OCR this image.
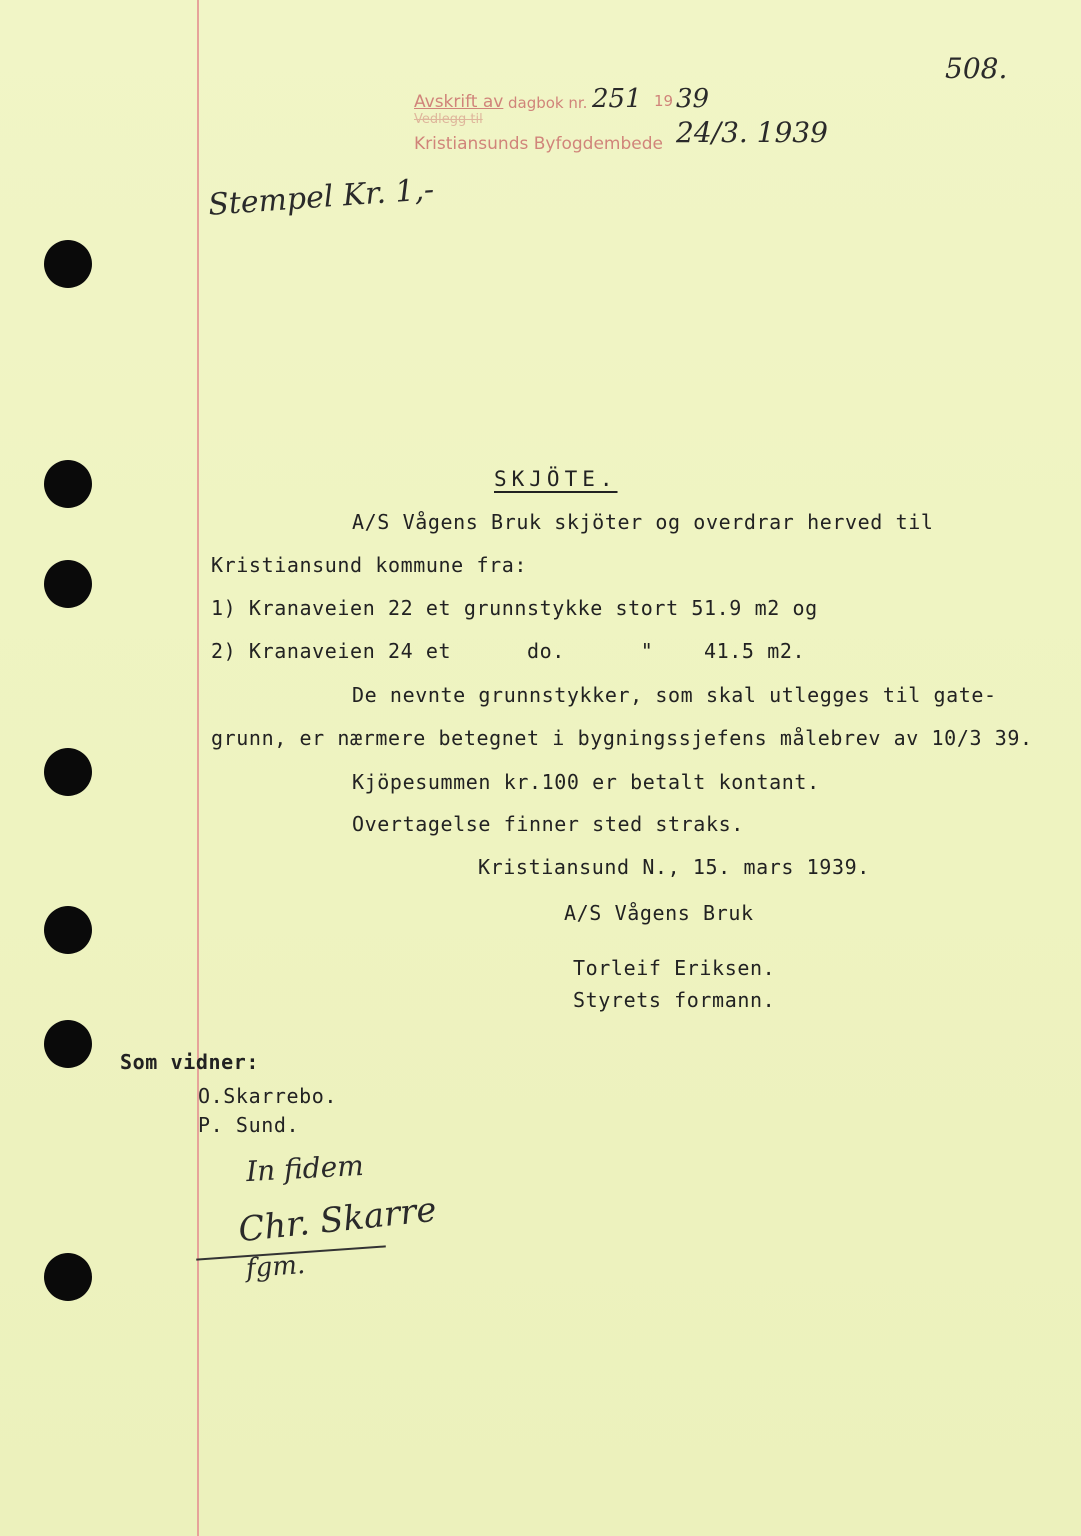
508.
Avskrift av dagbok nr. 251 19 39
Vedlegg til
Kristiansunds Byfogdembede 24/3. 1939
Stempel Kr. 1,-
SKJÖTE.
A/S Vågens Bruk skjöter og overdrar herved til
Kristiansund kommune fra:
1) Kranaveien 22 et grunnstykke stort 51.9 m2 og
2) Kranaveien 24 et      do.      "    41.5 m2.
De nevnte grunnstykker, som skal utlegges til gate-
grunn, er nærmere betegnet i bygningssjefens målebrev av 10/3 39.
Kjöpesummen kr.100 er betalt kontant.
Overtagelse finner sted straks.
Kristiansund N., 15. mars 1939.
A/S Vågens Bruk
Torleif Eriksen.
Styrets formann.
Som vidner:
O.Skarrebo.
P. Sund.
In fidem
Chr. Skarre
fgm.
